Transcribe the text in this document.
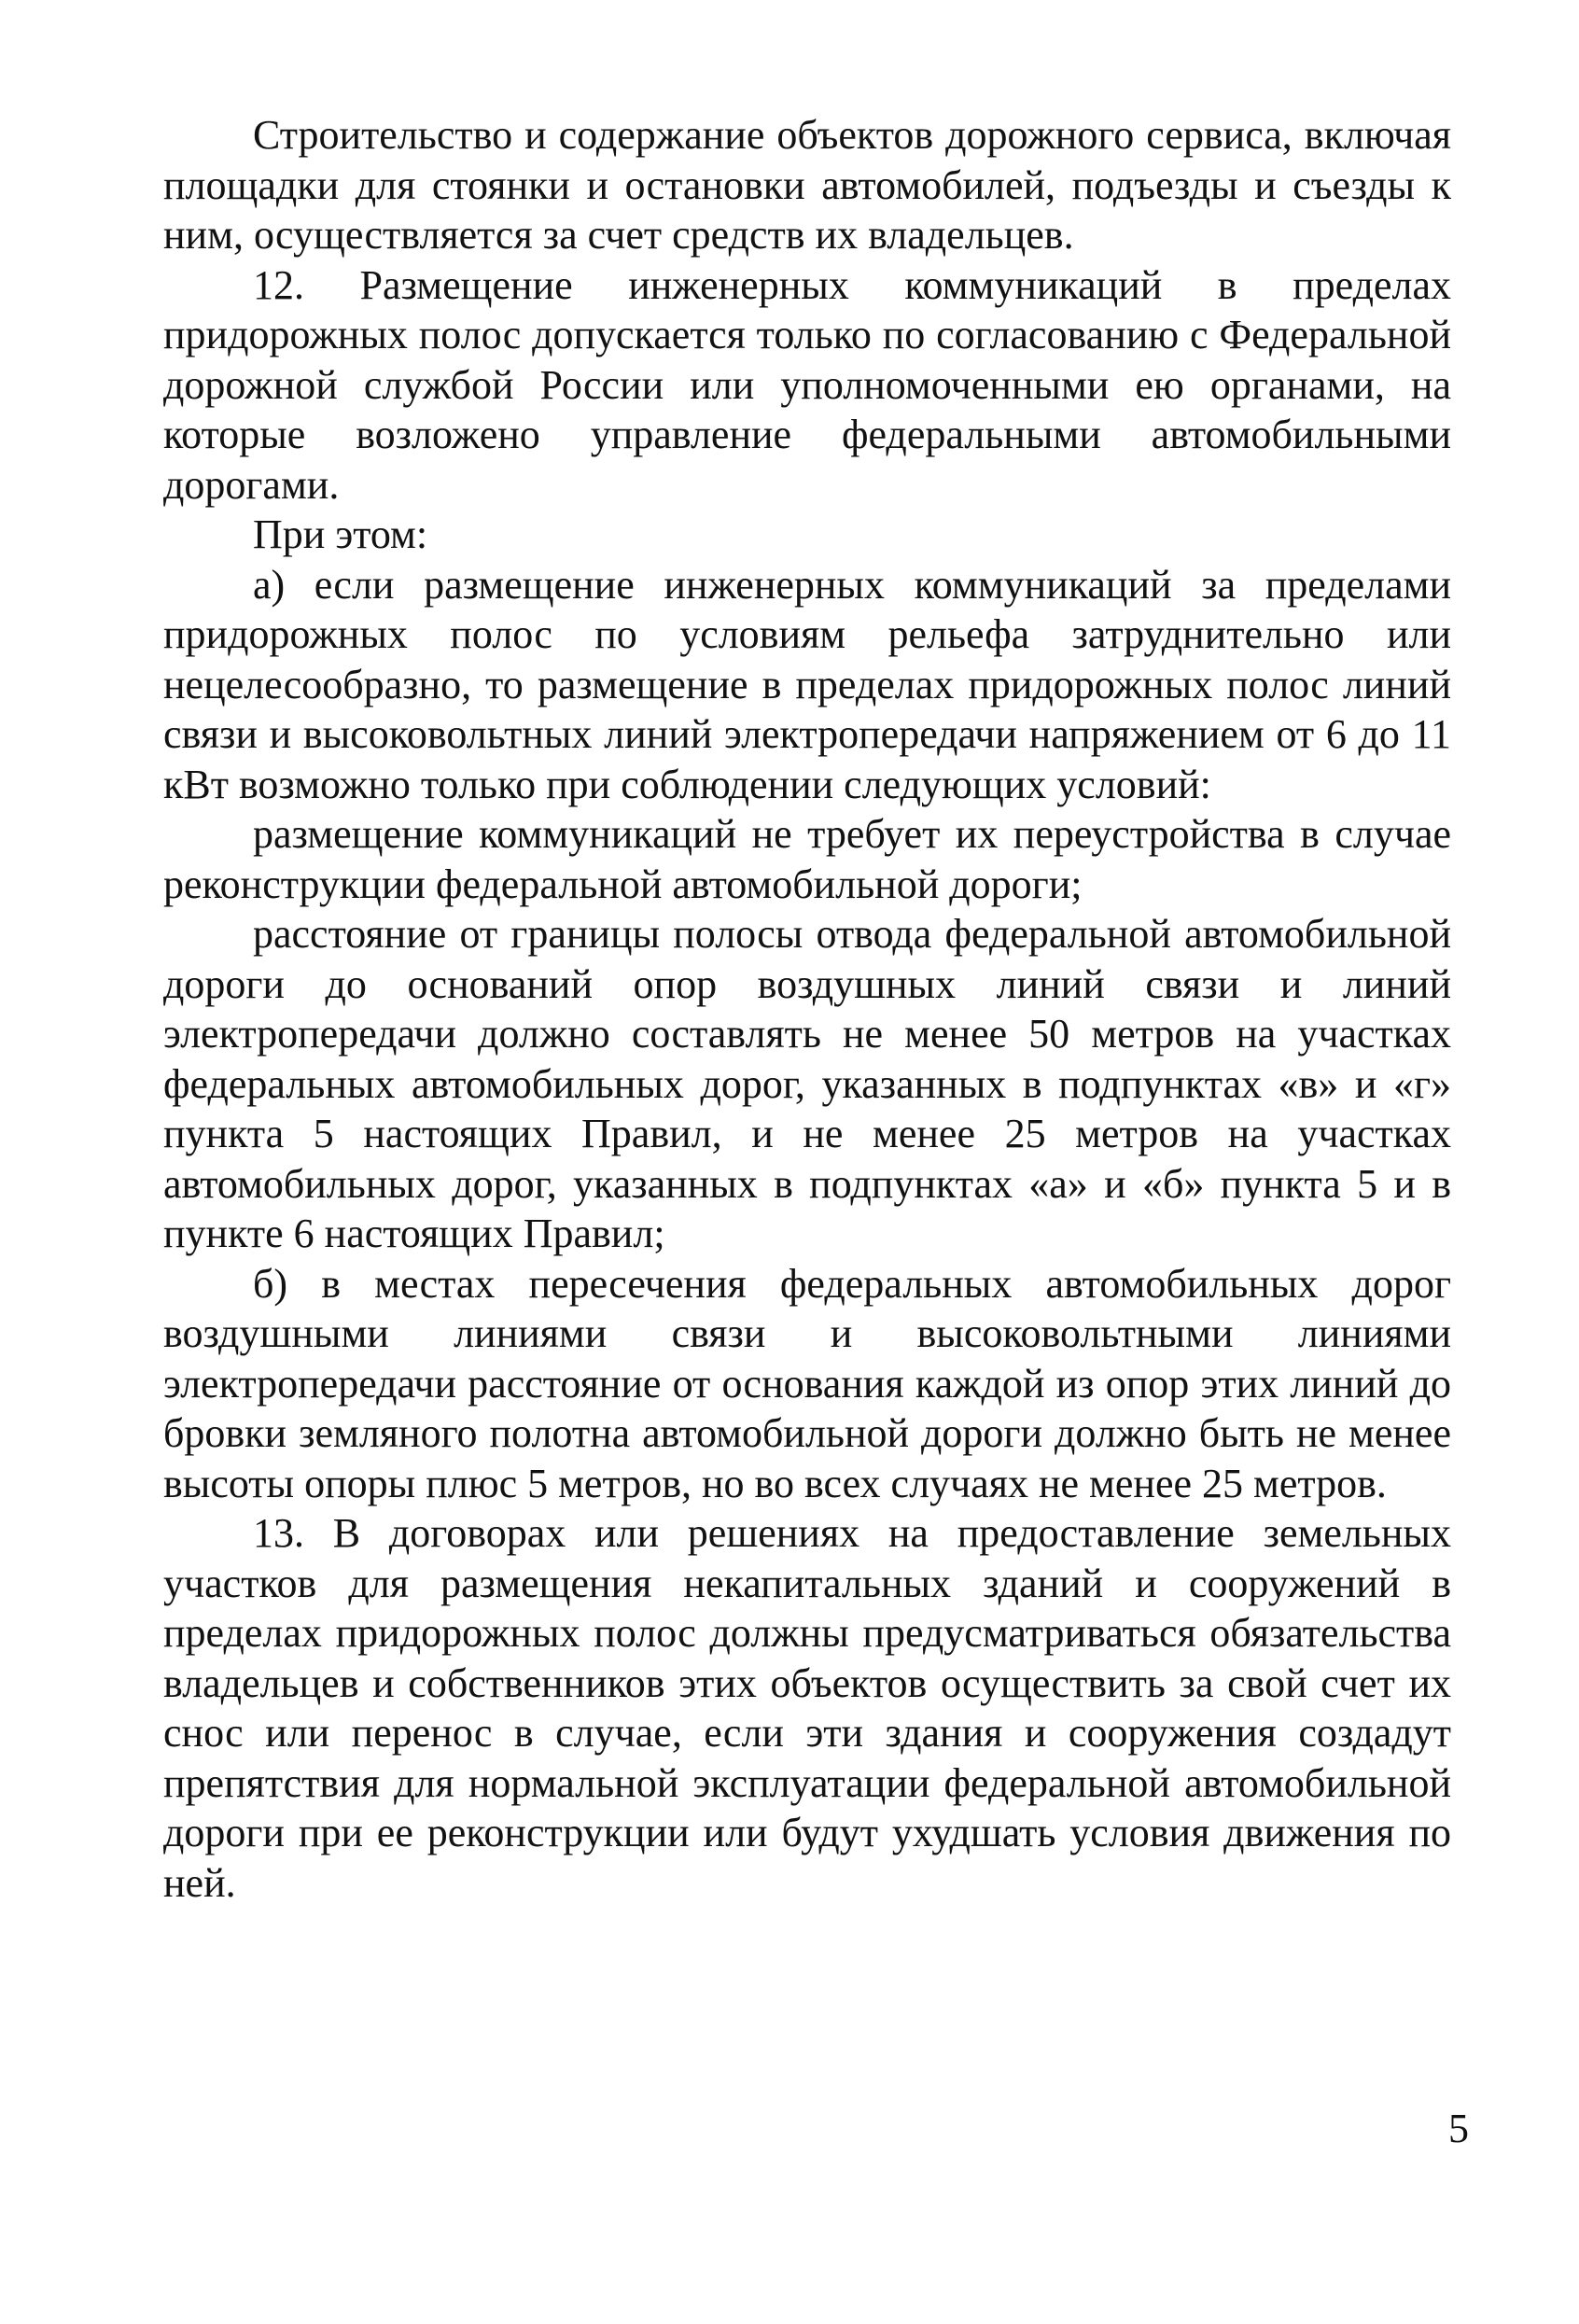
Строительство и содержание объектов дорожного сервиса, включая площадки для стоянки и остановки автомобилей, подъезды и съезды к ним, осуществляется за счет средств их владельцев.

12. Размещение инженерных коммуникаций в пределах придорожных полос допускается только по согласованию с Федеральной дорожной службой России или уполномоченными ею органами, на которые возложено управление федеральными автомобильными дорогами.

При этом:

а) если размещение инженерных коммуникаций за пределами придорожных полос по условиям рельефа затруднительно или нецелесообразно, то размещение в пределах придорожных полос линий связи и высоковольтных линий электропередачи напряжением от 6 до 11 кВт возможно только при соблюдении следующих условий:

размещение коммуникаций не требует их переустройства в случае реконструкции федеральной автомобильной дороги;

расстояние от границы полосы отвода федеральной автомобильной дороги до оснований опор воздушных линий связи и линий электропередачи должно составлять не менее 50 метров на участках федеральных автомобильных дорог, указанных в подпунктах «в» и «г» пункта 5 настоящих Правил, и не менее 25 метров на участках автомобильных дорог, указанных в подпунктах «а» и «б» пункта 5 и в пункте 6 настоящих Правил;

б) в местах пересечения федеральных автомобильных дорог воздушными линиями связи и высоковольтными линиями электропередачи расстояние от основания каждой из опор этих линий до бровки земляного полотна автомобильной дороги должно быть не менее высоты опоры плюс 5 метров, но во всех случаях не менее 25 метров.

13. В договорах или решениях на предоставление земельных участков для размещения некапитальных зданий и сооружений в пределах придорожных полос должны предусматриваться обязательства владельцев и собственников этих объектов осуществить за свой счет их снос или перенос в случае, если эти здания и сооружения создадут препятствия для нормальной эксплуатации федеральной автомобильной дороги при ее реконструкции или будут ухудшать условия движения по ней.

5
